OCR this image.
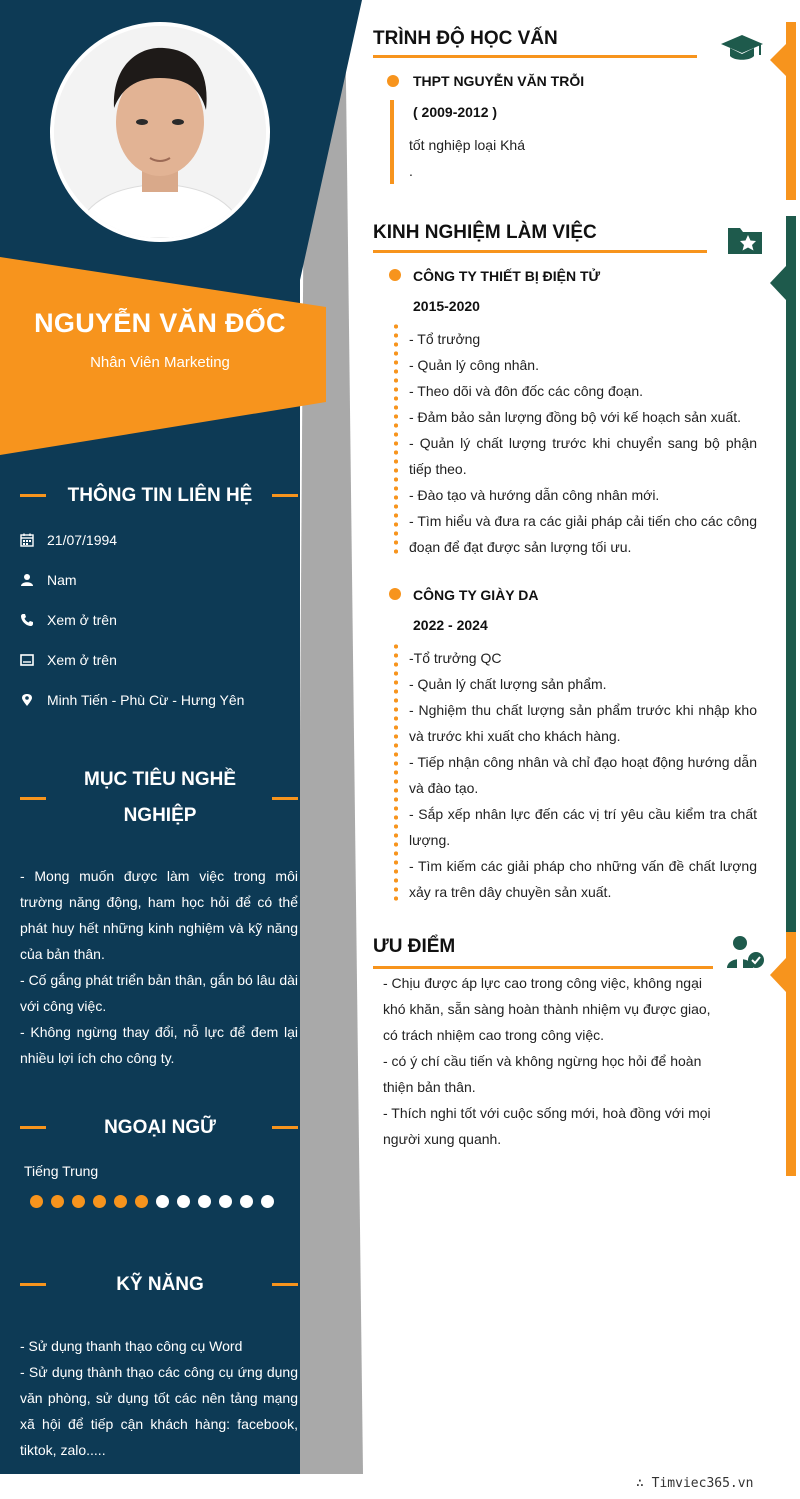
NGUYỄN VĂN ĐỐC
Nhân Viên Marketing
THÔNG TIN LIÊN HỆ
21/07/1994
Nam
Xem ở trên
Xem ở trên
Minh Tiến - Phù Cừ - Hưng Yên
MỤC TIÊU NGHỀ
NGHIỆP
- Mong muốn được làm việc trong môi trường năng động, ham học hỏi để có thể phát huy hết những kinh nghiệm và kỹ năng của bản thân.
- Cố gắng phát triển bản thân, gắn bó lâu dài với công việc.
- Không ngừng thay đổi, nỗ lực để đem lại nhiều lợi ích cho công ty.
NGOẠI NGỮ
Tiếng Trung
KỸ NĂNG
- Sử dụng thanh thạo công cụ Word
- Sử dụng thành thạo các công cụ ứng dụng văn phòng, sử dụng tốt các nên tảng mạng xã hội để tiếp cận khách hàng: facebook, tiktok, zalo.....
TRÌNH ĐỘ HỌC VẤN
THPT NGUYỄN VĂN TRỖI
( 2009-2012 )
tốt nghiệp loại Khá
.
KINH NGHIỆM LÀM VIỆC
CÔNG TY THIẾT BỊ ĐIỆN TỬ
2015-2020
- Tổ trưởng
- Quản lý công nhân.
- Theo dõi và đôn đốc các công đoạn.
- Đảm bảo sản lượng đồng bộ với kế hoạch sản xuất.
- Quản lý chất lượng trước khi chuyển sang bộ phận tiếp theo.
- Đào tạo và hướng dẫn công nhân mới.
- Tìm hiểu và đưa ra các giải pháp cải tiến cho các công đoạn để đạt được sản lượng tối ưu.
CÔNG TY GIÀY DA
2022 - 2024
-Tổ trưởng QC
- Quản lý chất lượng sản phẩm.
- Nghiệm thu chất lượng sản phẩm trước khi nhập kho và trước khi xuất cho khách hàng.
- Tiếp nhận công nhân và chỉ đạo hoạt động hướng dẫn và đào tạo.
- Sắp xếp nhân lực đến các vị trí yêu cầu kiểm tra chất lượng.
- Tìm kiếm các giải pháp cho những vấn đề chất lượng xảy ra trên dây chuyền sản xuất.
ƯU ĐIỂM
- Chịu được áp lực cao trong công việc, không ngại khó khăn, sẵn sàng hoàn thành nhiệm vụ được giao, có trách nhiệm cao trong công việc.
- có ý chí cầu tiến và không ngừng học hỏi để hoàn thiện bản thân.
- Thích nghi tốt với cuộc sống mới, hoà đồng với mọi người xung quanh.
∴ Timviec365.vn
